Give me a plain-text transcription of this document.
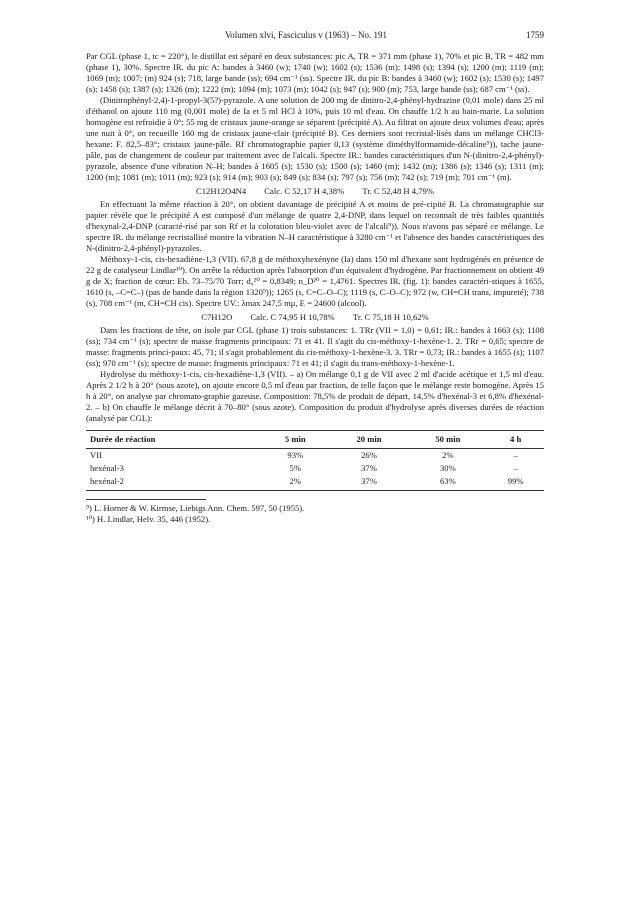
Volumen xlvi, Fasciculus v (1963) – No. 191	1759

Par CGL (phase 1, tc = 220°), le distillat est séparé en deux substances: pic A, TR = 371 mm (phase 1), 70% et pic B, TR = 482 mm (phase 1), 30%. Spectre IR. du pic A: bandes à 3460 (w); 1740 (w); 1602 (s); 1536 (m); 1498 (s); 1394 (s); 1200 (m); 1119 (m); 1069 (m); 1007; (m) 924 (s); 718, large bande (ss); 694 cm⁻¹ (ss). Spectre IR. du pic B: bandes à 3460 (w); 1602 (s); 1530 (s); 1497 (s); 1458 (s); 1387 (s); 1326 (m); 1222 (m); 1094 (m); 1073 (m); 1042 (s); 947 (s); 900 (m); 753, large bande (ss); 687 cm⁻¹ (ss).

(Dinitrophényl-2,4)-1-propyl-3(5?)-pyrazole. A une solution de 200 mg de dinitro-2,4-phényl-hydrazine (0,01 mole) dans 25 ml d'éthanol on ajoute 110 mg (0,001 mole) de Ia et 5 ml HCl à 10%, puis 10 ml d'eau. On chauffe 1/2 h au bain-marie. La solution homogène est refroidie à 0°; 55 mg de cristaux jaune-orange se séparent (précipité A). Au filtrat on ajoute deux volumes d'eau; après une nuit à 0°, on recueille 160 mg de cristaux jaune-clair (précipité B). Ces derniers sont recristal-lisés dans un mélange CHCl3-hexane: F. 82,5–83°; cristaux jaune-pâle. Rf chromatographie papier 0,13 (système diméthylformamide-décaline⁹)), tache jaune-pâle, pas de changement de couleur par traitement avec de l'alcali. Spectre IR.: bandes caractéristiques d'un N-(dinitro-2,4-phényl)-pyrazole, absence d'une vibration N–H; bandes à 1605 (s); 1530 (s); 1500 (s); 1460 (m); 1432 (m); 1386 (s); 1346 (s); 1311 (m); 1200 (m); 1081 (m); 1011 (m); 923 (s); 914 (m); 903 (s); 849 (s); 834 (s); 797 (s); 756 (m); 742 (s); 719 (m); 701 cm⁻¹ (m).

C12H12O4N4 Calc. C 52,17 H 4,38% Tr. C 52,48 H 4,79%

En effectuant la même réaction à 20°, on obtient davantage de précipité A et moins de pré-cipité B. La chromatographie sur papier révèle que le précipité A est composé d'un mélange de quatre 2,4-DNP, dans lequel on reconnaît de très faibles quantités d'hexynal-2,4-DNP (caracté-risé par son Rf et la coloration bleu-violet avec de l'alcali⁹)). Nous n'avons pas séparé ce mélange. Le spectre IR. du mélange recristallisé montre la vibration N–H caractéristique à 3280 cm⁻¹ et l'absence des bandes caractéristiques des N-(dinitro-2,4-phényl)-pyrazoles.

Méthoxy-1-cis, cis-hexadiène-1,3 (VII). 67,8 g de méthoxyhexényne (Ia) dans 150 ml d'hexane sont hydrogénés en présence de 22 g de catalyseur Lindlar¹⁰). On arrête la réduction après l'absorption d'un équivalent d'hydrogène. Par fractionnement on obtient 49 g de X; fraction de cœur: Eb. 73–75/70 Torr; d₄²⁰ = 0,8349; n_D²⁰ = 1,4761. Spectres IR. (fig. 1): bandes caractéri-stiques à 1655, 1610 (s, –C=C–) (pas de bande dans la région 1320⁹)); 1265 (s, C=C–O–C); 1119 (s, C–O–C); 972 (w, CH=CH trans, impureté); 738 (s), 708 cm⁻¹ (m, CH=CH cis). Spectre UV.: λmax 247,5 mμ, E = 24600 (alcool).

C7H12O Calc. C 74,95 H 10,78% Tr. C 75,18 H 10,62%

Dans les fractions de tête, on isole par CGL (phase 1) trois substances: 1. TRr (VII = 1,0) = 0,61; IR.: bandes à 1663 (s); 1108 (ss); 734 cm⁻¹ (s); spectre de masse fragments principaux: 71 et 41. Il s'agit du cis-méthoxy-1-hexène-1. 2. TRr = 0,65; spectre de masse: fragments princi-paux: 45, 71; il s'agit probablement du cis-méthoxy-1-hexène-3. 3. TRr = 0,73; IR.: bandes à 1655 (s); 1107 (ss); 970 cm⁻¹ (s); spectre de masse: fragments principaux: 71 et 41; il s'agit du trans-méthoxy-1-hexène-1.

Hydrolyse du méthoxy-1-cis, cis-hexadiène-1,3 (VII). – a) On mélange 0,1 g de VII avec 2 ml d'acide acétique et 1,5 ml d'eau. Après 2 1/2 h à 20° (sous azote), on ajoute encore 0,5 ml d'eau par fraction, de telle façon que le mélange reste homogène. Après 15 h à 20°, on analyse par chromato-graphie gazeuse. Composition: 78,5% de produit de départ, 14,5% d'hexénal-3 et 6,8% d'hexénal-2. – b) On chauffe le mélange décrit à 70–80° (sous azote). Composition du produit d'hydrolyse après diverses durées de réaction (analysé par CGL):

Durée de réaction	5 min	20 min	50 min	4 h
VII	93%	26%	2%	–
hexénal-3	5%	37%	30%	–
hexénal-2	2%	37%	63%	99%

⁹) L. Horner & W. Kirmse, Liebigs Ann. Chem. 597, 50 (1955).

¹⁰) H. Lindlar, Helv. 35, 446 (1952).
